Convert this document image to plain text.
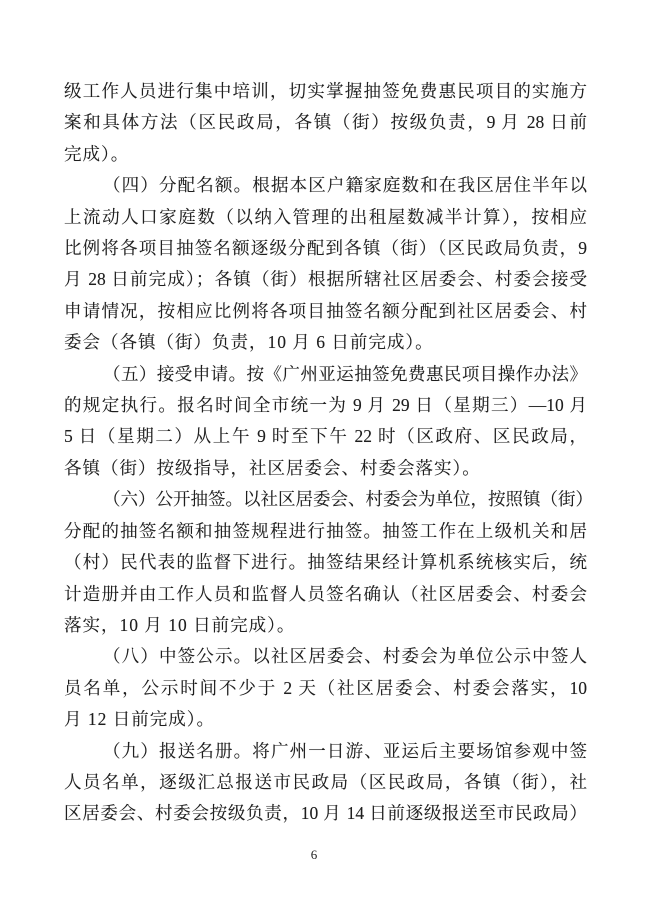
级工作人员进行集中培训，切实掌握抽签免费惠民项目的实施方
案和具体方法（区民政局，各镇（街）按级负责，9 月 28 日前
完成）。
（四）分配名额。根据本区户籍家庭数和在我区居住半年以
上流动人口家庭数（以纳入管理的出租屋数减半计算），按相应
比例将各项目抽签名额逐级分配到各镇（街）（区民政局负责，9
月 28 日前完成）；各镇（街）根据所辖社区居委会、村委会接受
申请情况，按相应比例将各项目抽签名额分配到社区居委会、村
委会（各镇（街）负责，10 月 6 日前完成）。
（五）接受申请。按《广州亚运抽签免费惠民项目操作办法》
的规定执行。报名时间全市统一为 9 月 29 日（星期三）—10 月
5 日（星期二）从上午 9 时至下午 22 时（区政府、区民政局，
各镇（街）按级指导，社区居委会、村委会落实）。
（六）公开抽签。以社区居委会、村委会为单位，按照镇（街）
分配的抽签名额和抽签规程进行抽签。抽签工作在上级机关和居
（村）民代表的监督下进行。抽签结果经计算机系统核实后，统
计造册并由工作人员和监督人员签名确认（社区居委会、村委会
落实，10 月 10 日前完成）。
（八）中签公示。以社区居委会、村委会为单位公示中签人
员名单，公示时间不少于 2 天（社区居委会、村委会落实，10
月 12 日前完成）。
（九）报送名册。将广州一日游、亚运后主要场馆参观中签
人员名单，逐级汇总报送市民政局（区民政局，各镇（街），社
区居委会、村委会按级负责，10 月 14 日前逐级报送至市民政局）
6
